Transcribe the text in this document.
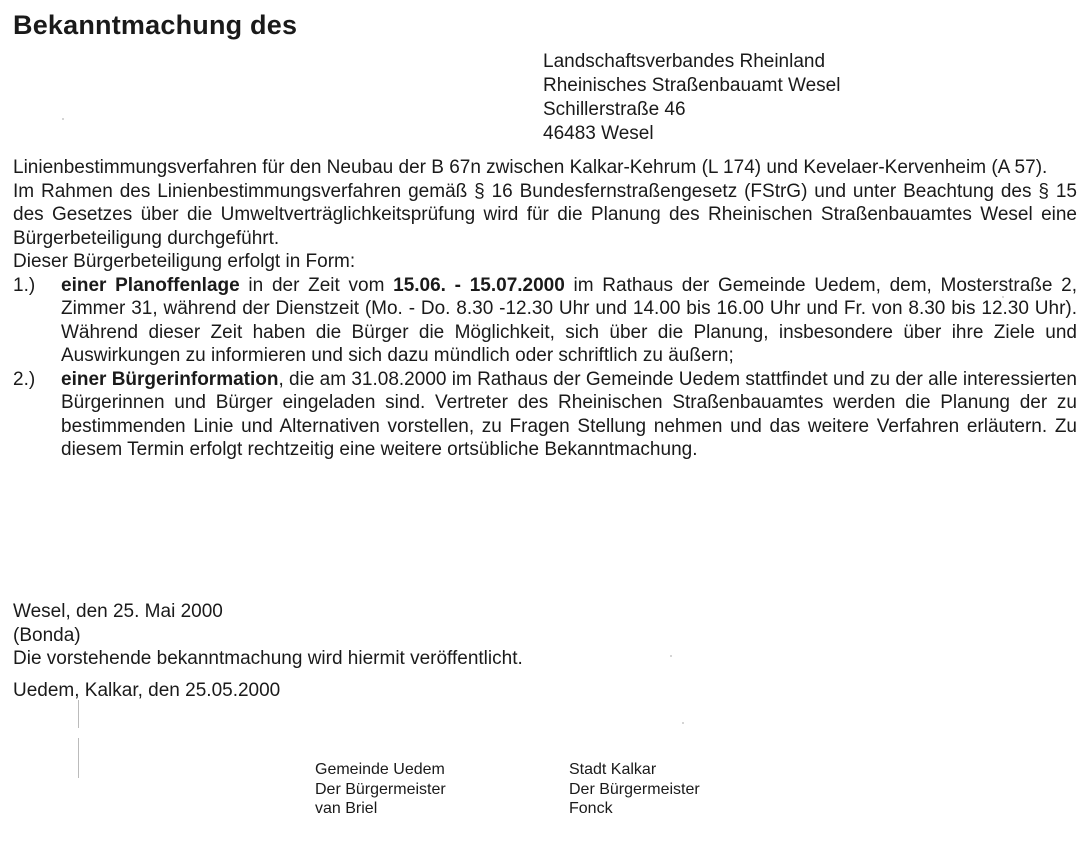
Bekanntmachung des
Landschaftsverbandes Rheinland
Rheinisches Straßenbauamt Wesel
Schillerstraße 46
46483 Wesel

Linienbestimmungsverfahren für den Neubau der B 67n zwischen Kalkar-Kehrum (L 174) und Kevelaer-Kervenheim (A 57).

Im Rahmen des Linienbestimmungsverfahren gemäß § 16 Bundesfernstraßengesetz (FStrG) und unter Beachtung des § 15 des Gesetzes über die Umweltverträglichkeitsprüfung wird für die Planung des Rheinischen Straßenbauamtes Wesel eine Bürgerbeteiligung durchgeführt.

Dieser Bürgerbeteiligung erfolgt in Form:

1.) einer Planoffenlage in der Zeit vom 15.06. - 15.07.2000 im Rathaus der Gemeinde Uedem, dem, Mosterstraße 2, Zimmer 31, während der Dienstzeit (Mo. - Do. 8.30 -12.30 Uhr und 14.00 bis 16.00 Uhr und Fr. von 8.30 bis 12.30 Uhr). Während dieser Zeit haben die Bürger die Möglichkeit, sich über die Planung, insbesondere über ihre Ziele und Auswirkungen zu informieren und sich dazu mündlich oder schriftlich zu äußern;
2.) einer Bürgerinformation, die am 31.08.2000 im Rathaus der Gemeinde Uedem stattfindet und zu der alle interessierten Bürgerinnen und Bürger eingeladen sind. Vertreter des Rheinischen Straßenbauamtes werden die Planung der zu bestimmenden Linie und Alternativen vorstellen, zu Fragen Stellung nehmen und das weitere Verfahren erläutern. Zu diesem Termin erfolgt rechtzeitig eine weitere ortsübliche Bekanntmachung.

Wesel, den 25. Mai 2000

(Bonda)

Die vorstehende bekanntmachung wird hiermit veröffentlicht.

Uedem, Kalkar, den 25.05.2000

Gemeinde Uedem
Der Bürgermeister
van Briel
Stadt Kalkar
Der Bürgermeister
Fonck
